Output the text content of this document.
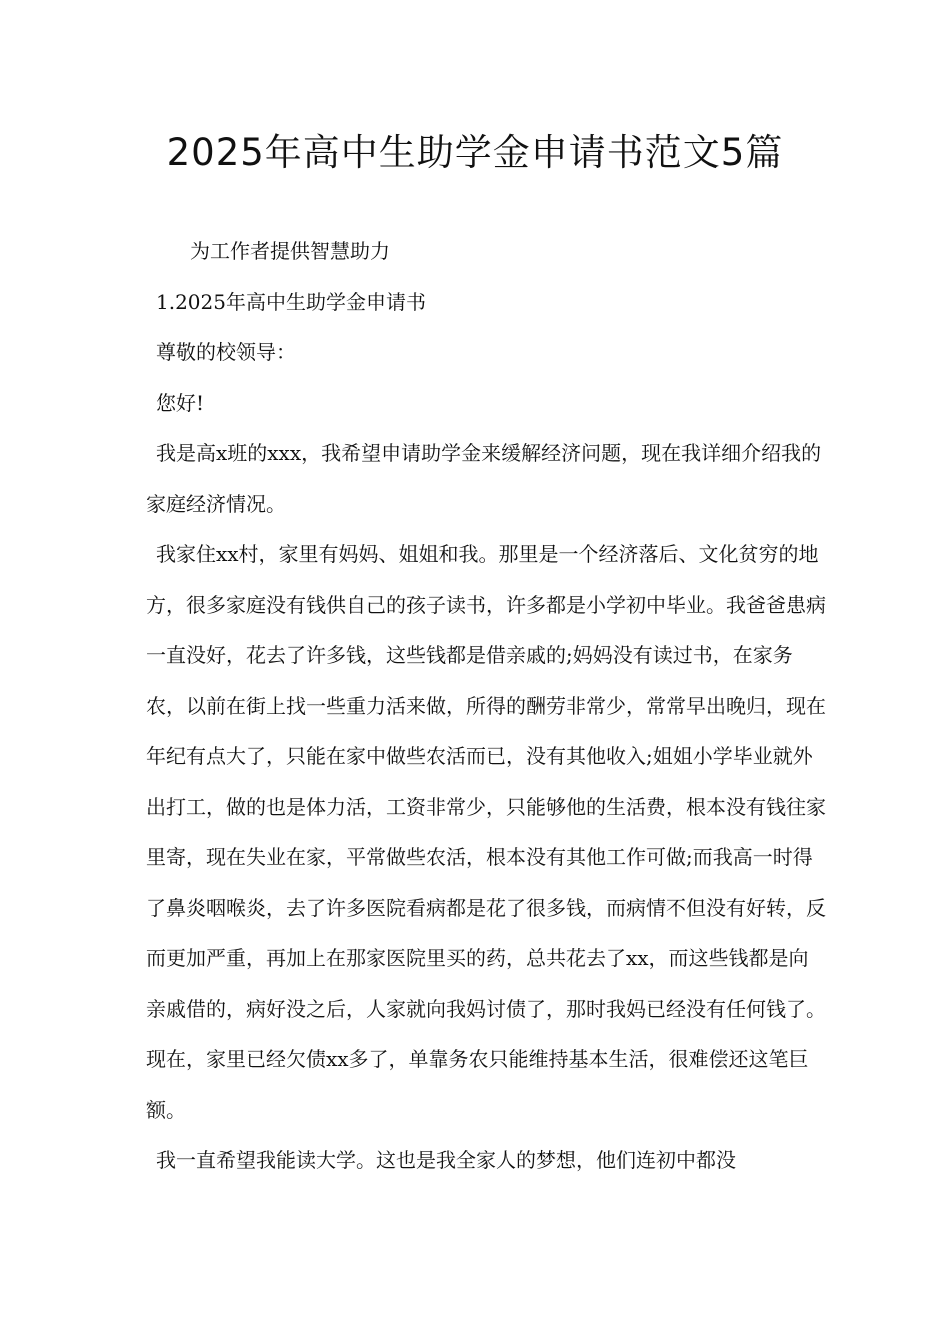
2025年高中生助学金申请书范文5篇

为工作者提供智慧助力

1.2025年高中生助学金申请书

尊敬的校领导：

您好!

我是高x班的xxx，我希望申请助学金来缓解经济问题，现在我详细介绍我的家庭经济情况。

我家住xx村，家里有妈妈、姐姐和我。那里是一个经济落后、文化贫穷的地方，很多家庭没有钱供自己的孩子读书，许多都是小学初中毕业。我爸爸患病一直没好，花去了许多钱，这些钱都是借亲戚的;妈妈没有读过书，在家务农，以前在街上找一些重力活来做，所得的酬劳非常少，常常早出晚归，现在年纪有点大了，只能在家中做些农活而已，没有其他收入;姐姐小学毕业就外出打工，做的也是体力活，工资非常少，只能够他的生活费，根本没有钱往家里寄，现在失业在家，平常做些农活，根本没有其他工作可做;而我高一时得了鼻炎咽喉炎，去了许多医院看病都是花了很多钱，而病情不但没有好转，反而更加严重，再加上在那家医院里买的药，总共花去了xx，而这些钱都是向亲戚借的，病好没之后，人家就向我妈讨债了，那时我妈已经没有任何钱了。现在，家里已经欠债xx多了，单靠务农只能维持基本生活，很难偿还这笔巨额。

我一直希望我能读大学。这也是我全家人的梦想，他们连初中都没
